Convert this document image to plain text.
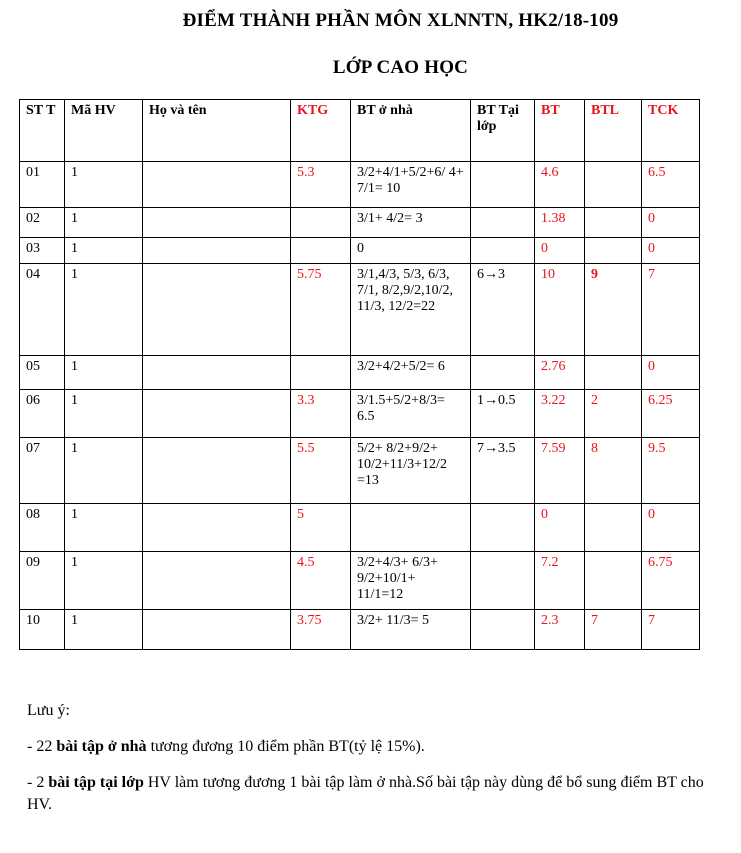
ĐIỂM THÀNH PHẦN MÔN XLNNTN, HK2/18-109
LỚP CAO HỌC
ST T	Mã HV	Họ và tên	KTG	BT ở nhà	BT Tại lớp	BT	BTL	TCK
01	1		5.3	3/2+4/1+5/2+6/ 4+ 7/1= 10		4.6		6.5
02	1			3/1+ 4/2= 3		1.38		0
03	1			0		0		0
04	1		5.75	3/1,4/3, 5/3, 6/3, 7/1, 8/2,9/2,10/2, 11/3, 12/2=22	6→3	10	9	7
05	1			3/2+4/2+5/2= 6		2.76		0
06	1		3.3	3/1.5+5/2+8/3= 6.5	1→0.5	3.22	2	6.25
07	1		5.5	5/2+ 8/2+9/2+ 10/2+11/3+12/2 =13	7→3.5	7.59	8	9.5
08	1		5			0		0
09	1		4.5	3/2+4/3+ 6/3+ 9/2+10/1+ 11/1=12		7.2		6.75
10	1		3.75	3/2+ 11/3= 5		2.3	7	7

Lưu ý:

- 22 bài tập ở nhà tương đương 10 điểm phần BT(tỷ lệ 15%).

- 2 bài tập tại lớp HV làm tương đương 1 bài tập làm ở nhà.Số bài tập này dùng để bổ sung điểm BT cho HV.
